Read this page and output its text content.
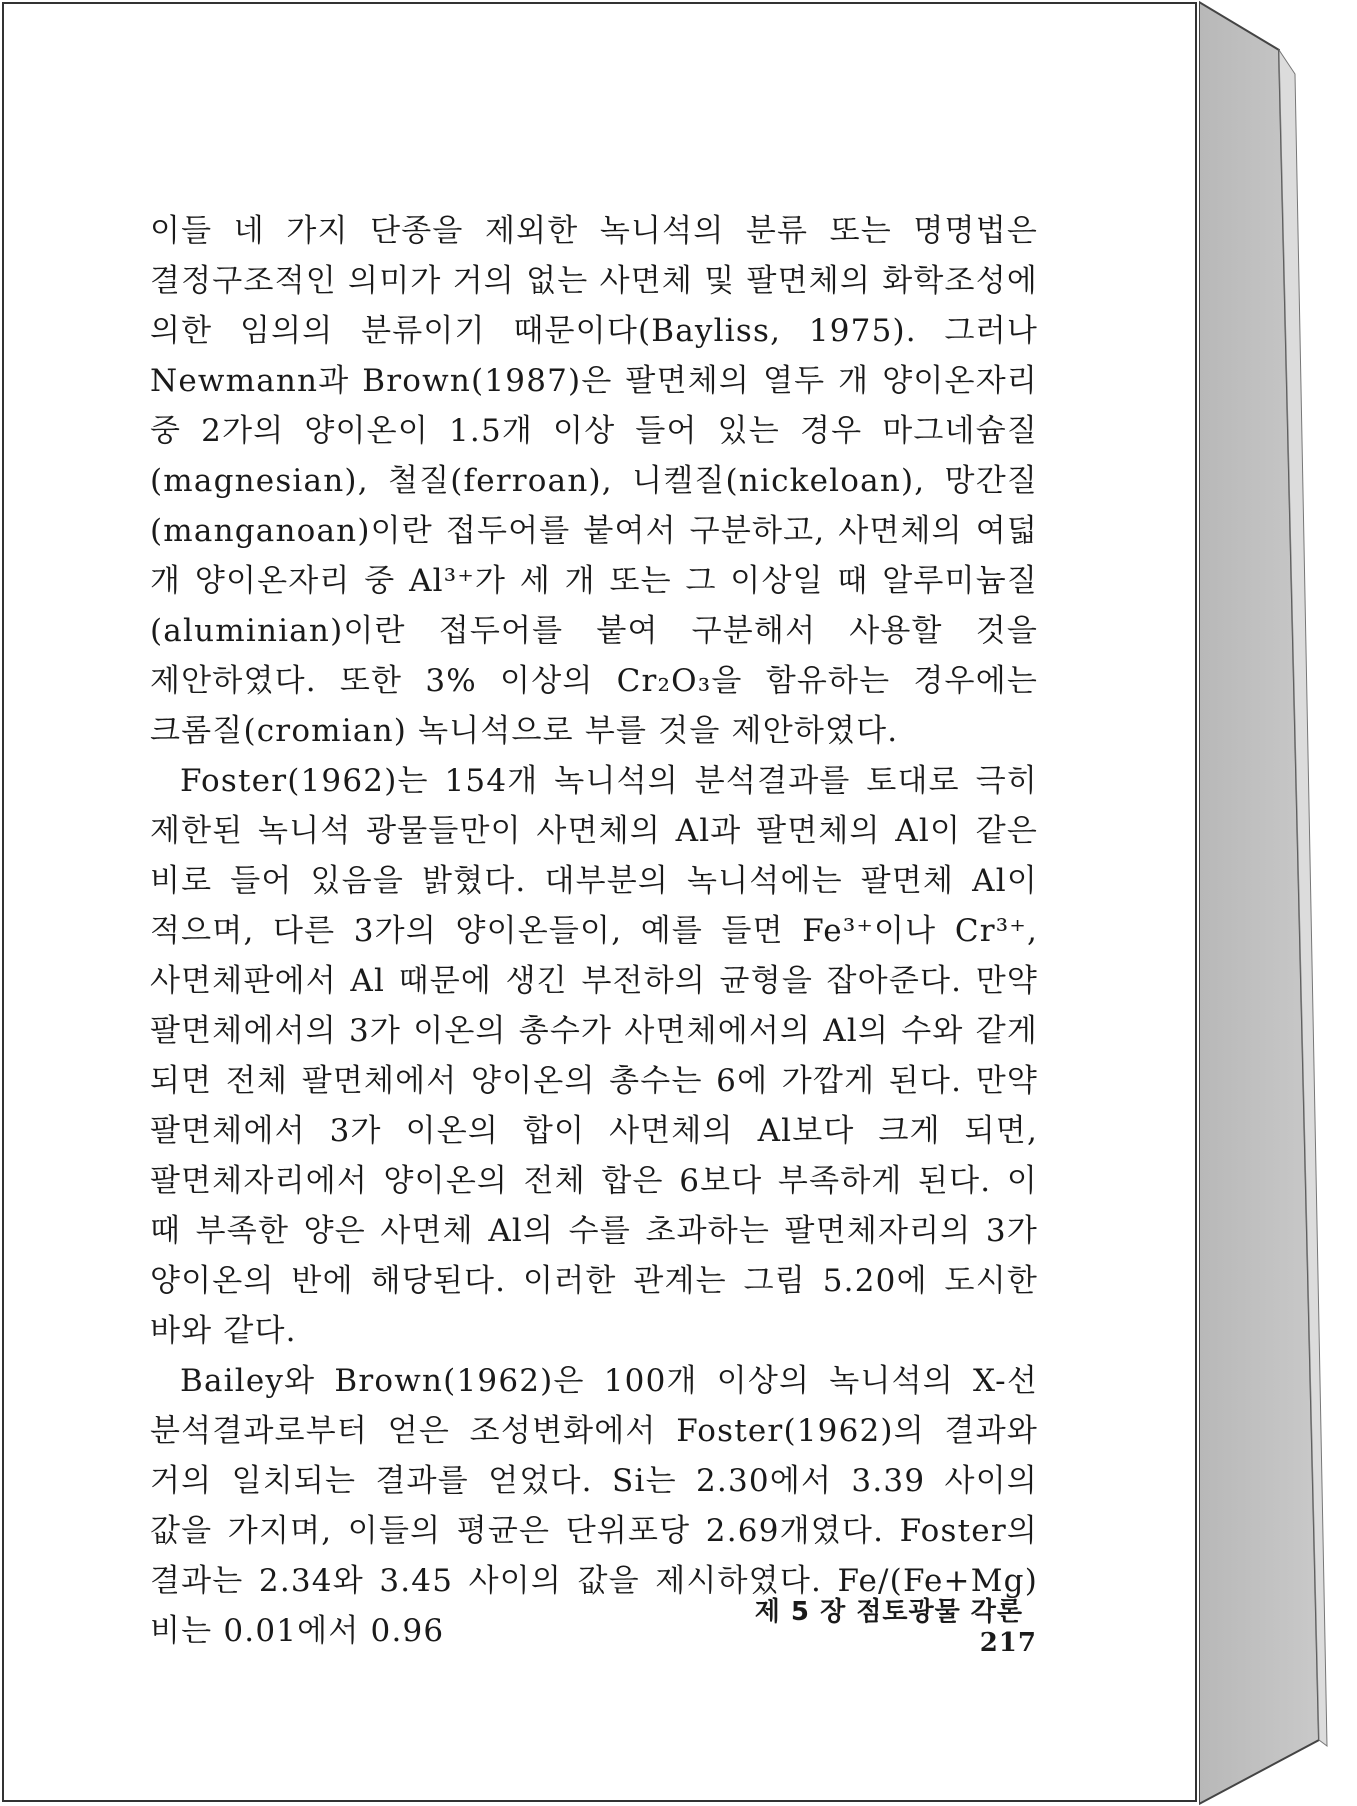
이들 네 가지 단종을 제외한 녹니석의 분류 또는 명명법은 결정구조적인 의미가 거의 없는 사면체 및 팔면체의 화학조성에 의한 임의의 분류이기 때문이다(Bayliss, 1975). 그러나 Newmann과 Brown(1987)은 팔면체의 열두 개 양이온자리 중 2가의 양이온이 1.5개 이상 들어 있는 경우 마그네슘질(magnesian), 철질(ferroan), 니켈질(nickeloan), 망간질(manganoan)이란 접두어를 붙여서 구분하고, 사면체의 여덟 개 양이온자리 중 Al³⁺가 세 개 또는 그 이상일 때 알루미늄질(aluminian)이란 접두어를 붙여 구분해서 사용할 것을 제안하였다. 또한 3% 이상의 Cr₂O₃을 함유하는 경우에는 크롬질(cromian) 녹니석으로 부를 것을 제안하였다.

Foster(1962)는 154개 녹니석의 분석결과를 토대로 극히 제한된 녹니석 광물들만이 사면체의 Al과 팔면체의 Al이 같은 비로 들어 있음을 밝혔다. 대부분의 녹니석에는 팔면체 Al이 적으며, 다른 3가의 양이온들이, 예를 들면 Fe³⁺이나 Cr³⁺, 사면체판에서 Al 때문에 생긴 부전하의 균형을 잡아준다. 만약 팔면체에서의 3가 이온의 총수가 사면체에서의 Al의 수와 같게 되면 전체 팔면체에서 양이온의 총수는 6에 가깝게 된다. 만약 팔면체에서 3가 이온의 합이 사면체의 Al보다 크게 되면, 팔면체자리에서 양이온의 전체 합은 6보다 부족하게 된다. 이 때 부족한 양은 사면체 Al의 수를 초과하는 팔면체자리의 3가 양이온의 반에 해당된다. 이러한 관계는 그림 5.20에 도시한 바와 같다.

Bailey와 Brown(1962)은 100개 이상의 녹니석의 X-선 분석결과로부터 얻은 조성변화에서 Foster(1962)의 결과와 거의 일치되는 결과를 얻었다. Si는 2.30에서 3.39 사이의 값을 가지며, 이들의 평균은 단위포당 2.69개였다. Foster의 결과는 2.34와 3.45 사이의 값을 제시하였다. Fe/(Fe+Mg) 비는 0.01에서 0.96

제 5 장 점토광물 각론 217
